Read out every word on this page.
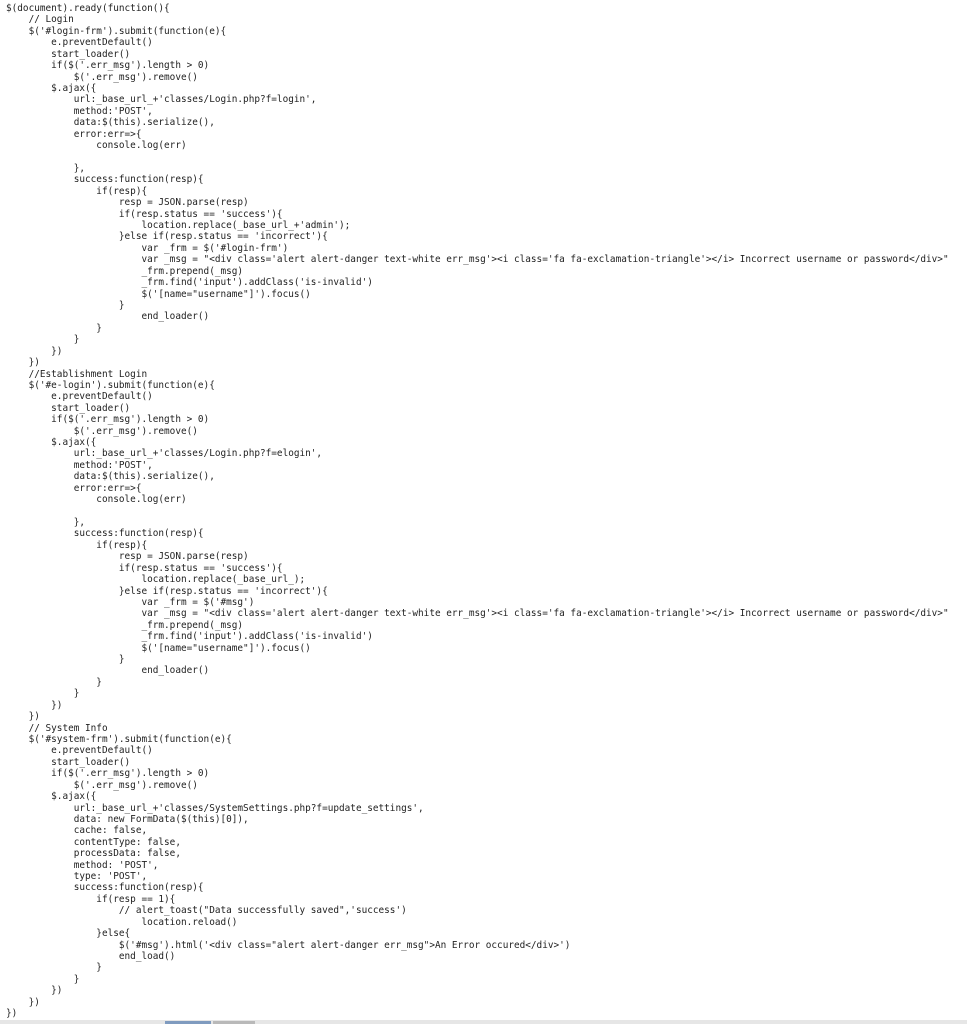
$(document).ready(function(){
// Login
$('#login-frm').submit(function(e){
e.preventDefault()
start_loader()
if($('.err_msg').length > 0)
$('.err_msg').remove()
$.ajax({
url:_base_url_+'classes/Login.php?f=login',
method:'POST',
data:$(this).serialize(),
error:err=>{
console.log(err)
},
success:function(resp){
if(resp){
resp = JSON.parse(resp)
if(resp.status == 'success'){
location.replace(_base_url_+'admin');
}else if(resp.status == 'incorrect'){
var _frm = $('#login-frm')
var _msg = "<div class='alert alert-danger text-white err_msg'><i class='fa fa-exclamation-triangle'></i> Incorrect username or password</div>"
_frm.prepend(_msg)
_frm.find('input').addClass('is-invalid')
$('[name="username"]').focus()
}
end_loader()
}
}
})
})
//Establishment Login
$('#e-login').submit(function(e){
e.preventDefault()
start_loader()
if($('.err_msg').length > 0)
$('.err_msg').remove()
$.ajax({
url:_base_url_+'classes/Login.php?f=elogin',
method:'POST',
data:$(this).serialize(),
error:err=>{
console.log(err)
},
success:function(resp){
if(resp){
resp = JSON.parse(resp)
if(resp.status == 'success'){
location.replace(_base_url_);
}else if(resp.status == 'incorrect'){
var _frm = $('#msg')
var _msg = "<div class='alert alert-danger text-white err_msg'><i class='fa fa-exclamation-triangle'></i> Incorrect username or password</div>"
_frm.prepend(_msg)
_frm.find('input').addClass('is-invalid')
$('[name="username"]').focus()
}
end_loader()
}
}
})
})
// System Info
$('#system-frm').submit(function(e){
e.preventDefault()
start_loader()
if($('.err_msg').length > 0)
$('.err_msg').remove()
$.ajax({
url:_base_url_+'classes/SystemSettings.php?f=update_settings',
data: new FormData($(this)[0]),
cache: false,
contentType: false,
processData: false,
method: 'POST',
type: 'POST',
success:function(resp){
if(resp == 1){
// alert_toast("Data successfully saved",'success')
location.reload()
}else{
$('#msg').html('<div class="alert alert-danger err_msg">An Error occured</div>')
end_load()
}
}
})
})
})
